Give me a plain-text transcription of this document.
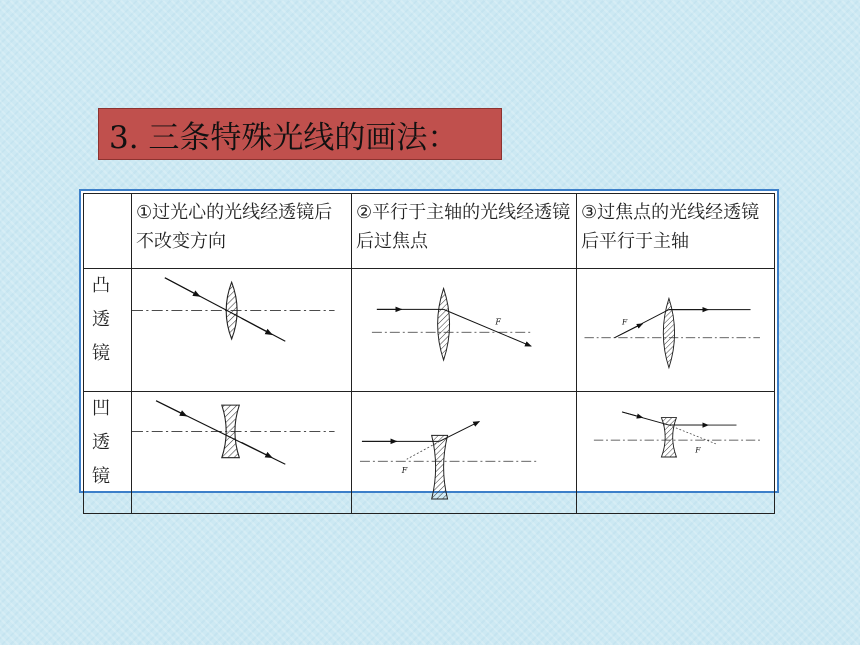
3. 三条特殊光线的画法：
	①过光心的光线经透镜后不改变方向	②平行于主轴的光线经透镜后过焦点	③过焦点的光线经透镜后平行于主轴

凸
透
镜		F	F

凹
透
镜		F	F
